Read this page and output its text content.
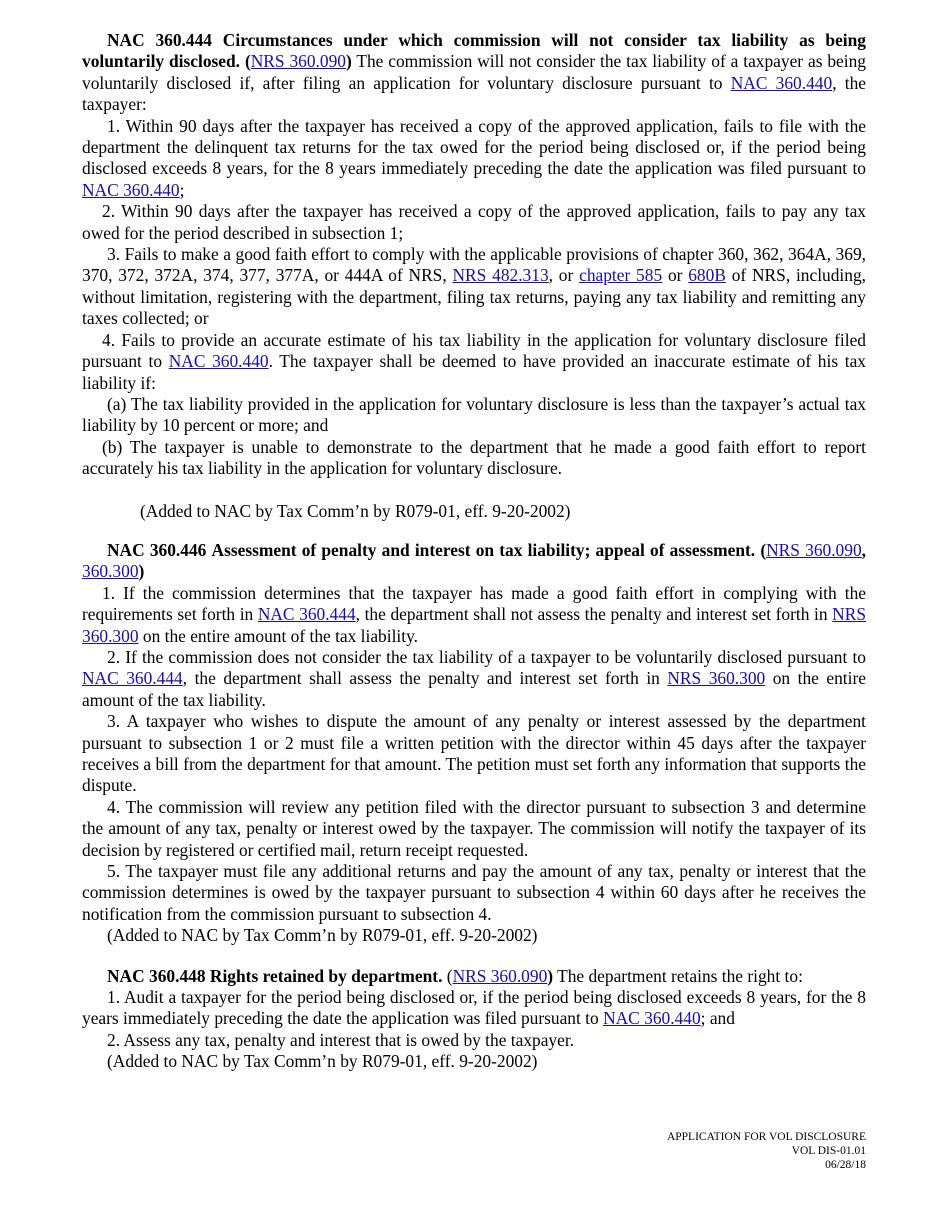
NAC 360.444 Circumstances under which commission will not consider tax liability as being voluntarily disclosed. (NRS 360.090) The commission will not consider the tax liability of a taxpayer as being voluntarily disclosed if, after filing an application for voluntary disclosure pursuant to NAC 360.440, the taxpayer:

1. Within 90 days after the taxpayer has received a copy of the approved application, fails to file with the department the delinquent tax returns for the tax owed for the period being disclosed or, if the period being disclosed exceeds 8 years, for the 8 years immediately preceding the date the application was filed pursuant to NAC 360.440;

2. Within 90 days after the taxpayer has received a copy of the approved application, fails to pay any tax owed for the period described in subsection 1;

3. Fails to make a good faith effort to comply with the applicable provisions of chapter 360, 362, 364A, 369, 370, 372, 372A, 374, 377, 377A, or 444A of NRS, NRS 482.313, or chapter 585 or 680B of NRS, including, without limitation, registering with the department, filing tax returns, paying any tax liability and remitting any taxes collected; or

4. Fails to provide an accurate estimate of his tax liability in the application for voluntary disclosure filed pursuant to NAC 360.440. The taxpayer shall be deemed to have provided an inaccurate estimate of his tax liability if:

(a) The tax liability provided in the application for voluntary disclosure is less than the taxpayer’s actual tax liability by 10 percent or more; and

(b) The taxpayer is unable to demonstrate to the department that he made a good faith effort to report accurately his tax liability in the application for voluntary disclosure.

(Added to NAC by Tax Comm’n by R079-01, eff. 9-20-2002)

NAC 360.446 Assessment of penalty and interest on tax liability; appeal of assessment. (NRS 360.090, 360.300)

1. If the commission determines that the taxpayer has made a good faith effort in complying with the requirements set forth in NAC 360.444, the department shall not assess the penalty and interest set forth in NRS 360.300 on the entire amount of the tax liability.

2. If the commission does not consider the tax liability of a taxpayer to be voluntarily disclosed pursuant to NAC 360.444, the department shall assess the penalty and interest set forth in NRS 360.300 on the entire amount of the tax liability.

3. A taxpayer who wishes to dispute the amount of any penalty or interest assessed by the department pursuant to subsection 1 or 2 must file a written petition with the director within 45 days after the taxpayer receives a bill from the department for that amount. The petition must set forth any information that supports the dispute.

4. The commission will review any petition filed with the director pursuant to subsection 3 and determine the amount of any tax, penalty or interest owed by the taxpayer. The commission will notify the taxpayer of its decision by registered or certified mail, return receipt requested.

5. The taxpayer must file any additional returns and pay the amount of any tax, penalty or interest that the commission determines is owed by the taxpayer pursuant to subsection 4 within 60 days after he receives the notification from the commission pursuant to subsection 4.

(Added to NAC by Tax Comm’n by R079-01, eff. 9-20-2002)

NAC 360.448 Rights retained by department. (NRS 360.090) The department retains the right to:

1. Audit a taxpayer for the period being disclosed or, if the period being disclosed exceeds 8 years, for the 8 years immediately preceding the date the application was filed pursuant to NAC 360.440; and

2. Assess any tax, penalty and interest that is owed by the taxpayer.

(Added to NAC by Tax Comm’n by R079-01, eff. 9-20-2002)

APPLICATION FOR VOL DISCLOSURE
VOL DIS-01.01
06/28/18
